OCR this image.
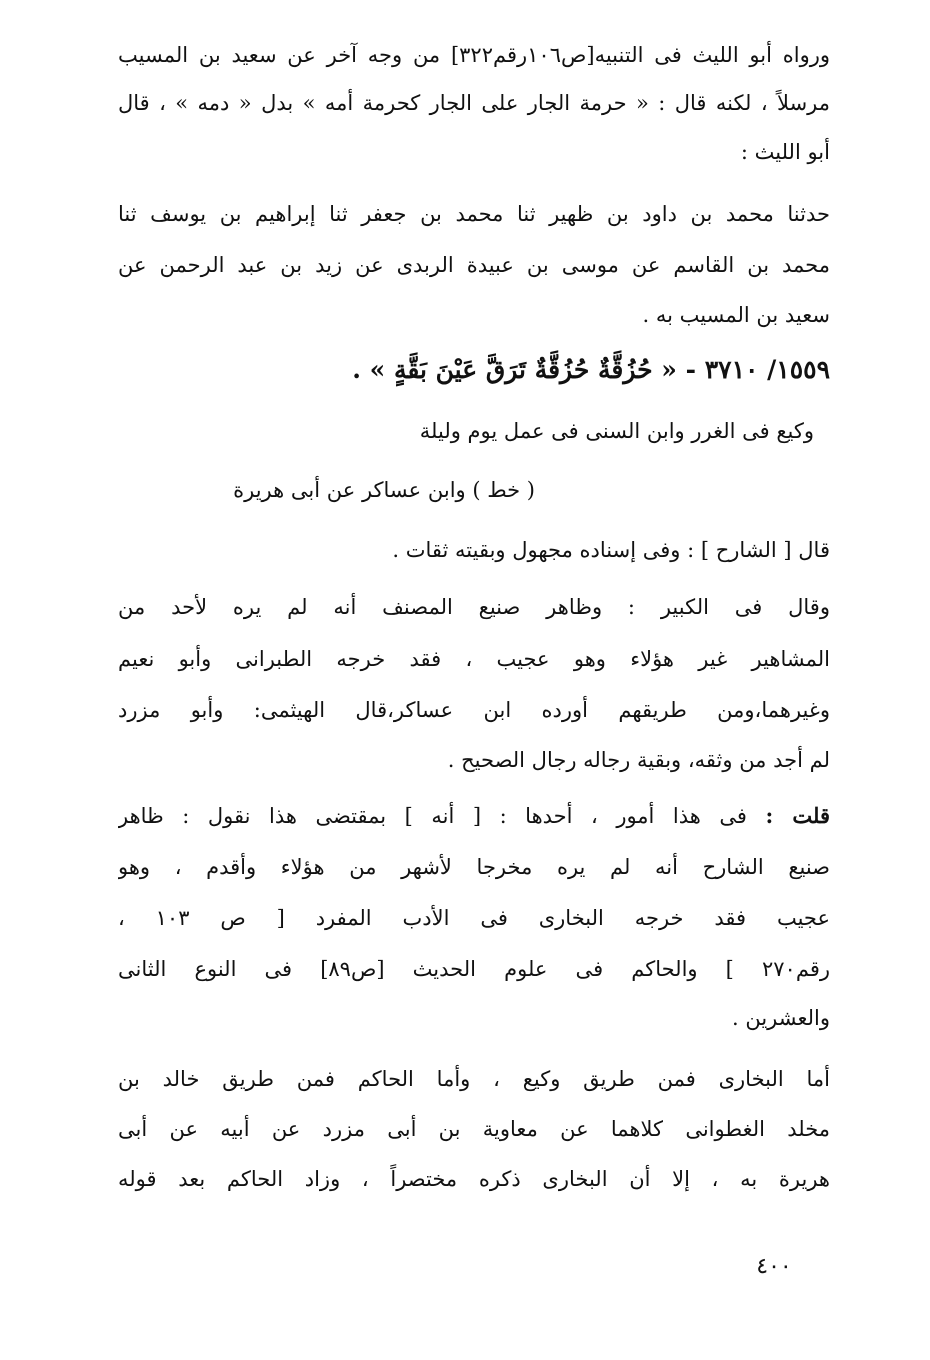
ورواه أبو الليث فى التنبيه[ص١٠٦رقم٣٢٢] من وجه آخر عن سعيد بن المسيب
مرسلاً ، لكنه قال : « حرمة الجار على الجار كحرمة أمه » بدل « دمه » ، قال
أبو الليث :
حدثنا محمد بن داود بن ظهير ثنا محمد بن جعفر ثنا إبراهيم بن يوسف ثنا
محمد بن القاسم عن موسى بن عبيدة الربدى عن زيد بن عبد الرحمن عن
سعيد بن المسيب به .
١٥٥٩/ ٣٧١٠ - « حُزُقَّةٌ حُزُقَّةٌ تَرَقَّ عَيْنَ بَقَّةٍ » .
وكيع فى الغرر وابن السنى فى عمل يوم وليلة
( خط ) وابن عساكر عن أبى هريرة
قال [ الشارح ] : وفى إسناده مجهول وبقيته ثقات .
وقال فى الكبير : وظاهر صنيع المصنف أنه لم يره لأحد من
المشاهير غير هؤلاء وهو عجيب ، فقد خرجه الطبرانى وأبو نعيم
وغيرهما،ومن طريقهم أورده ابن عساكر،قال الهيثمى: وأبو مزرد
لم أجد من وثقه، وبقية رجاله رجال الصحيح .
قلت : فى هذا أمور ، أحدها : [ أنه ] بمقتضى هذا نقول : ظاهر
صنيع الشارح أنه لم يره مخرجا لأشهر من هؤلاء وأقدم ، وهو
عجيب فقد خرجه البخارى فى الأدب المفرد [ ص ١٠٣ ،
رقم٢٧٠ ] والحاكم فى علوم الحديث [ص٨٩] فى النوع الثانى
والعشرين .
أما البخارى فمن طريق وكيع ، وأما الحاكم فمن طريق خالد بن
مخلد الغطوانى كلاهما عن معاوية بن أبى مزرد عن أبيه عن أبى
هريرة به ، إلا أن البخارى ذكره مختصراً ، وزاد الحاكم بعد قوله
٤٠٠
